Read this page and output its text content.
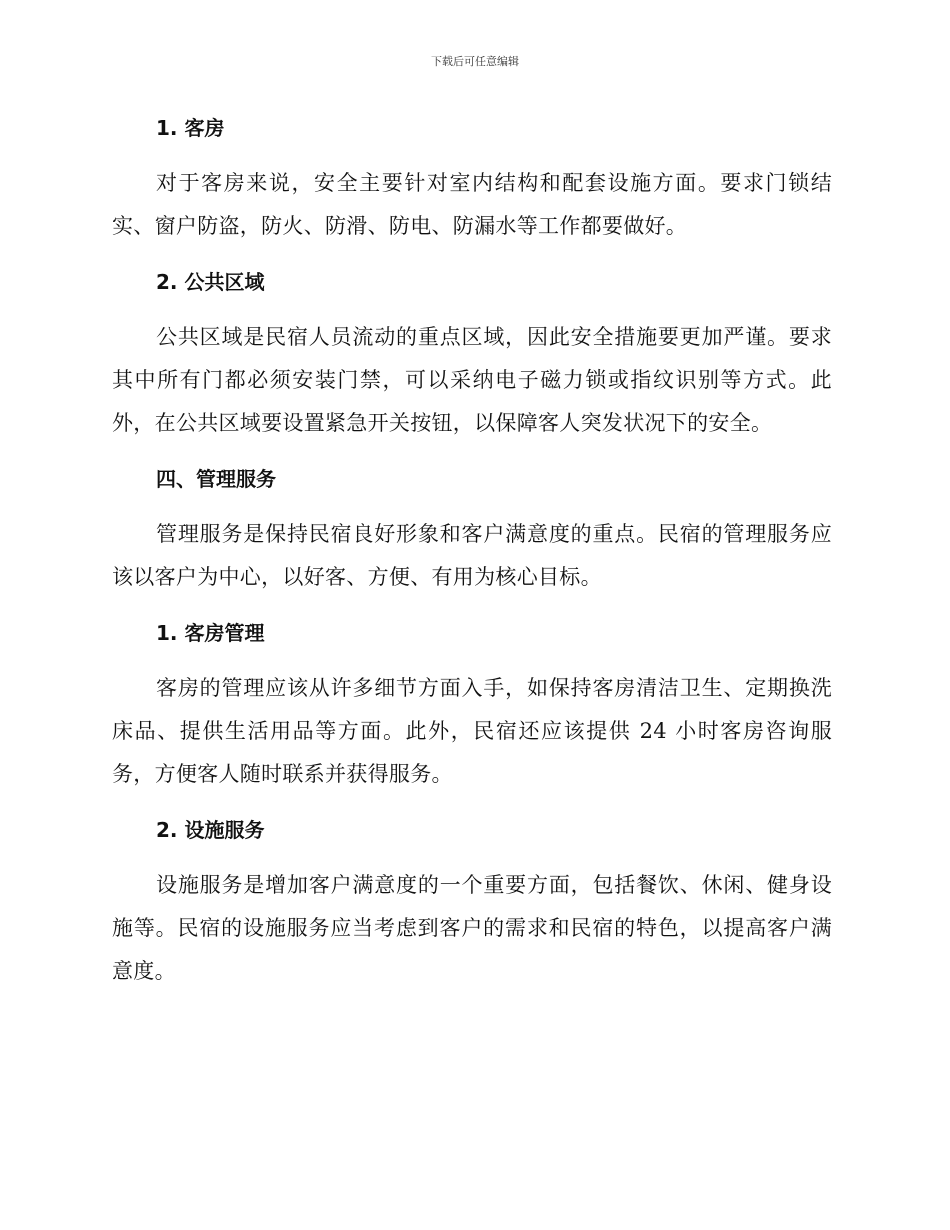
下载后可任意编辑
1. 客房

对于客房来说，安全主要针对室内结构和配套设施方面。要求门锁结实、窗户防盗，防火、防滑、防电、防漏水等工作都要做好。

2. 公共区域

公共区域是民宿人员流动的重点区域，因此安全措施要更加严谨。要求其中所有门都必须安装门禁，可以采纳电子磁力锁或指纹识别等方式。此外，在公共区域要设置紧急开关按钮，以保障客人突发状况下的安全。

四、管理服务

管理服务是保持民宿良好形象和客户满意度的重点。民宿的管理服务应该以客户为中心，以好客、方便、有用为核心目标。

1. 客房管理

客房的管理应该从许多细节方面入手，如保持客房清洁卫生、定期换洗床品、提供生活用品等方面。此外，民宿还应该提供 24 小时客房咨询服务，方便客人随时联系并获得服务。

2. 设施服务

设施服务是增加客户满意度的一个重要方面，包括餐饮、休闲、健身设施等。民宿的设施服务应当考虑到客户的需求和民宿的特色，以提高客户满意度。
